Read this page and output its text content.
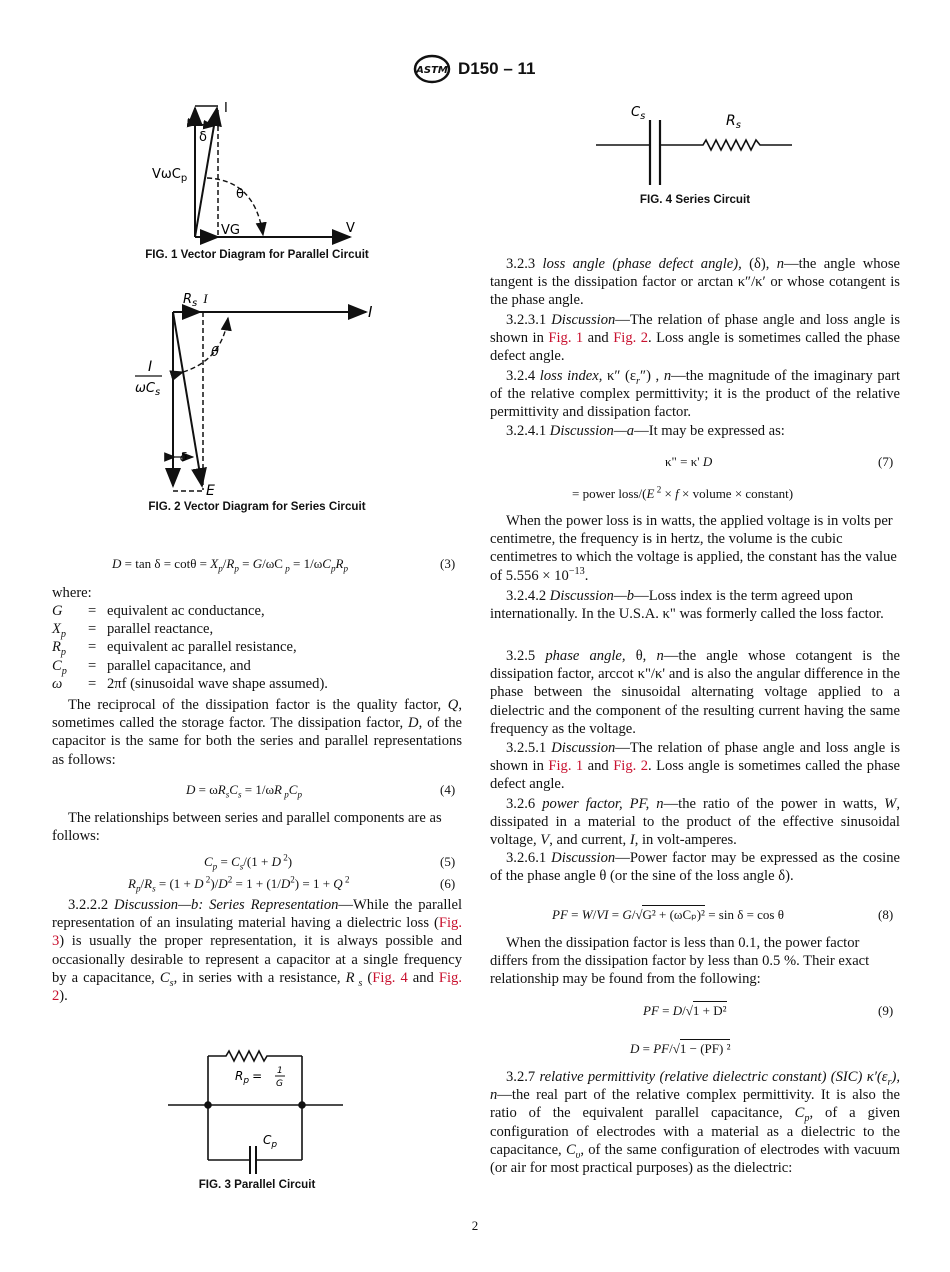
ASTM D150 – 11
I
δ
VωC$_p$
θ
VG	V
FIG. 1 Vector Diagram for Parallel Circuit
$R_s$ I
I
I
$\omega C_s$
θ
δ
E
FIG. 2 Vector Diagram for Series Circuit
$D = \tan \delta = \cot\theta = X_p/R_p = G/\omega C$ $_p = 1/\omega C_pR_p$	(3)
where:
G = equivalent ac conductance,
$X_p$ = parallel reactance,
$R_p$ = equivalent ac parallel resistance,
$C_p$ = parallel capacitance, and
ω = 2πf (sinusoidal wave shape assumed).
The reciprocal of the dissipation factor is the quality factor, Q, sometimes called the storage factor. The dissipation factor, D, of the capacitor is the same for both the series and parallel representations as follows:
$D = \omega R_sC_s = 1/\omega R$ $_pC_p$	(4)
The relationships between series and parallel components are as follows:
$C_p = C_s/(1 + D$ $^2$)	(5)
$R_p/R_s = (1 + D$ $^2)/D^2 = 1 + (1/D^2) = 1 + Q$ $^2$	(6)
3.2.2.2 Discussion—b: Series Representation—While the parallel representation of an insulating material having a dielectric loss (Fig. 3) is usually the proper representation, it is always possible and occasionally desirable to represent a capacitor at a single frequency by a capacitance, $C_s$, in series with a resistance, R $_s$ (Fig. 4 and Fig. 2).
$R_p = 1$
G
$C_p$
FIG. 3 Parallel Circuit
$C_s$	$R_s$
FIG. 4 Series Circuit
3.2.3 loss angle (phase defect angle), (δ), n—the angle whose tangent is the dissipation factor or arctan κ″/κ′ or whose cotangent is the phase angle.
3.2.3.1 Discussion—The relation of phase angle and loss angle is shown in Fig. 1 and Fig. 2. Loss angle is sometimes called the phase defect angle.
3.2.4 loss index, κ″ $(\varepsilon_r'')$ , n—the magnitude of the imaginary part of the relative complex permittivity; it is the product of the relative permittivity and dissipation factor.
3.2.4.1 Discussion—a—It may be expressed as:
κ" = κ' D	(7)
= power loss/(E $^2$ × f × volume × constant)
When the power loss is in watts, the applied voltage is in volts per centimetre, the frequency is in hertz, the volume is the cubic centimetres to which the voltage is applied, the constant has the value of $5.556 \times 10^{-13}$.
3.2.4.2 Discussion—b—Loss index is the term agreed upon internationally. In the U.S.A. κ" was formerly called the loss factor.
3.2.5 phase angle, θ, n—the angle whose cotangent is the dissipation factor, arccot κ"/κ' and is also the angular difference in the phase between the sinusoidal alternating voltage applied to a dielectric and the component of the resulting current having the same frequency as the voltage.
3.2.5.1 Discussion—The relation of phase angle and loss angle is shown in Fig. 1 and Fig. 2. Loss angle is sometimes called the phase defect angle.
3.2.6 power factor, PF, n—the ratio of the power in watts, W, dissipated in a material to the product of the effective sinusoidal voltage, V, and current, I, in volt-amperes.
3.2.6.1 Discussion—Power factor may be expressed as the cosine of the phase angle θ (or the sine of the loss angle δ).
PF = W/VI = G/√G² + (ωCₚ)² = sin δ = cos θ	(8)
When the dissipation factor is less than 0.1, the power factor differs from the dissipation factor by less than 0.5 %. Their exact relationship may be found from the following:
PF = D/√1 + D²	(9)
D = PF/√1 − (PF) ²
3.2.7 relative permittivity (relative dielectric constant) (SIC) $\kappa'(\varepsilon_r)$, n—the real part of the relative complex permittivity. It is also the ratio of the equivalent parallel capacitance, $C_p$, of a given configuration of electrodes with a material as a dielectric to the capacitance, $C_\upsilon$, of the same configuration of electrodes with vacuum (or air for most practical purposes) as the dielectric:
2
